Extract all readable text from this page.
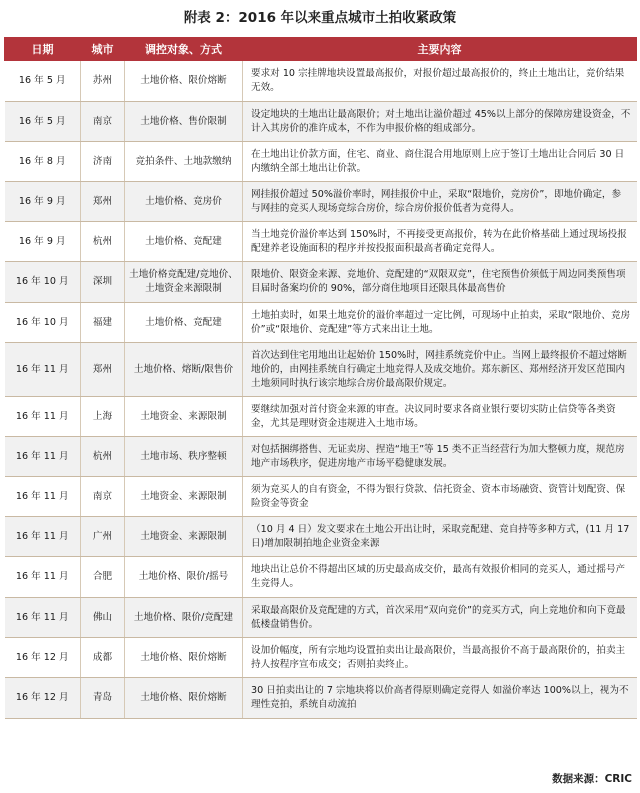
附表 2：2016 年以来重点城市土拍收紧政策
日期	城市	调控对象、方式	主要内容
16 年 5 月	苏州	土地价格、限价熔断	要求对 10 宗挂牌地块设置最高报价，对报价超过最高报价的，终止土地出让，竞价结果无效。
16 年 5 月	南京	土地价格、售价限制	设定地块的土地出让最高限价；对土地出让溢价超过 45%以上部分的保障房建设资金，不计入其房价的准许成本，不作为申报价格的组成部分。
16 年 8 月	济南	竞拍条件、土地款缴纳	在土地出让价款方面，住宅、商业、商住混合用地原则上应于签订土地出让合同后 30 日内缴纳全部土地出让价款。
16 年 9 月	郑州	土地价格、竞房价	网挂报价超过 50%溢价率时，网挂报价中止，采取“限地价，竞房价”，即地价确定，参与网挂的竞买人现场竞综合房价，综合房价报价低者为竞得人。
16 年 9 月	杭州	土地价格、竞配建	当土地竞价溢价率达到 150%时，不再接受更高报价，转为在此价格基础上通过现场投报配建养老设施面积的程序并按投报面积最高者确定竞得人。
16 年 10 月	深圳	土地价格竞配建/竞地价、土地资金来源限制	限地价、限资金来源、竞地价、竞配建的“双限双竞”，住宅预售价须低于周边同类预售项目届时备案均价的 90%，部分商住地项目还限具体最高售价
16 年 10 月	福建	土地价格、竞配建	土地拍卖时，如果土地竞价的溢价率超过一定比例，可现场中止拍卖，采取“限地价、竞房价”或“限地价、竞配建”等方式来出让土地。
16 年 11 月	郑州	土地价格、熔断/限售价	首次达到住宅用地出让起始价 150%时，网挂系统竞价中止。当网上最终报价不超过熔断地价的，由网挂系统自行确定土地竞得人及成交地价。郑东新区、郑州经济开发区范围内土地须同时执行该宗地综合房价最高限价规定。
16 年 11 月	上海	土地资金、来源限制	要继续加强对首付资金来源的审查。决议同时要求各商业银行要切实防止信贷等各类资金，尤其是理财资金违规进入土地市场。
16 年 11 月	杭州	土地市场、秩序整顿	对包括捆绑搭售、无证卖房、捏造“地王”等 15 类不正当经营行为加大整顿力度，规范房地产市场秩序，促进房地产市场平稳健康发展。
16 年 11 月	南京	土地资金、来源限制	须为竞买人的自有资金，不得为银行贷款、信托资金、资本市场融资、资管计划配资、保险资金等资金
16 年 11 月	广州	土地资金、来源限制	（10 月 4 日）发文要求在土地公开出让时，采取竞配建、竞自持等多种方式，(11 月 17 日)增加限制拍地企业资金来源
16 年 11 月	合肥	土地价格、限价/摇号	地块出让总价不得超出区域的历史最高成交价，最高有效报价相同的竞买人，通过摇号产生竞得人。
16 年 11 月	佛山	土地价格、限价/竞配建	采取最高限价及竞配建的方式，首次采用“双向竞价”的竞买方式，向上竞地价和向下竟最低楼盘销售价。
16 年 12 月	成都	土地价格、限价熔断	设加价幅度，所有宗地均设置拍卖出让最高限价，当最高报价不高于最高限价的，拍卖主持人按程序宣布成交；否则拍卖终止。
16 年 12 月	青岛	土地价格、限价熔断	30 日拍卖出让的 7 宗地块将以价高者得原则确定竞得人 如溢价率达 100%以上，视为不理性竞拍，系统自动流拍
数据来源：CRIC
